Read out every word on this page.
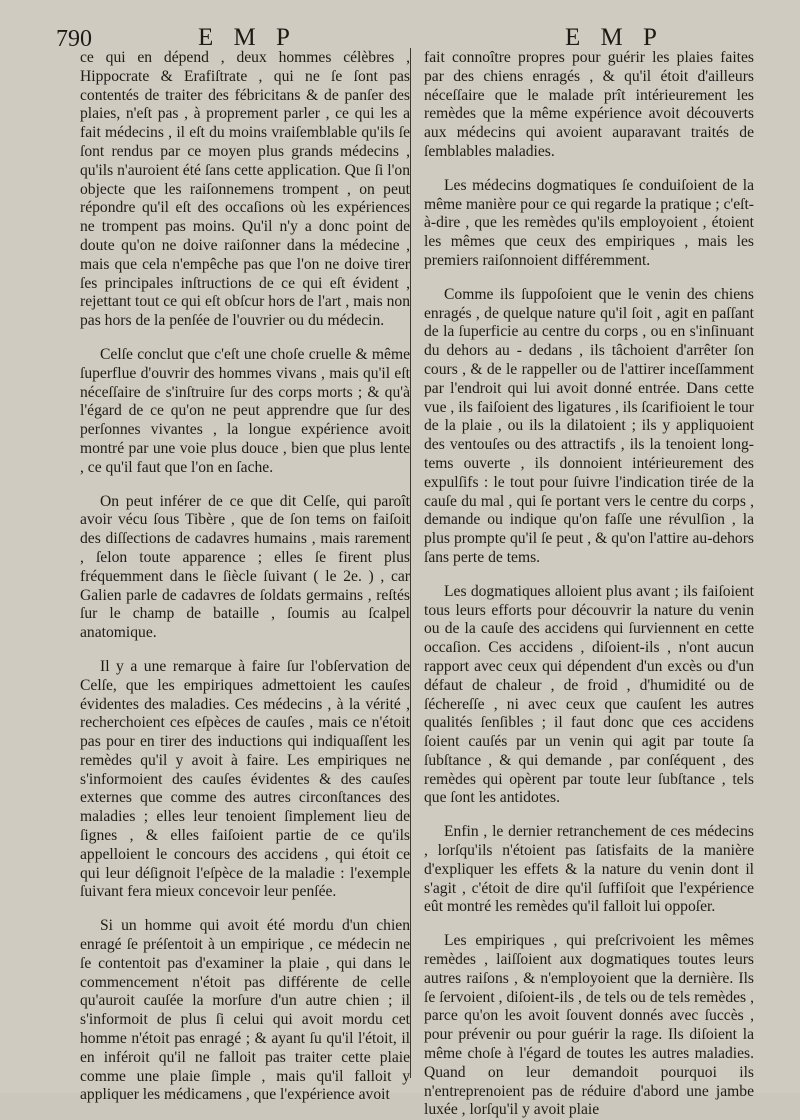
790	E M P	E M P

ce qui en dépend , deux hommes célèbres , Hippocrate & Erafiſtrate , qui ne ſe ſont pas contentés de traiter des fébricitans & de panſer des plaies, n'eſt pas , à proprement parler , ce qui les a fait médecins , il eſt du moins vraiſemblable qu'ils ſe ſont rendus par ce moyen plus grands médecins , qu'ils n'auroient été ſans cette application. Que ſi l'on objecte que les raiſonnemens trompent , on peut répondre qu'il eſt des occaſions où les expériences ne trompent pas moins. Qu'il n'y a donc point de doute qu'on ne doive raiſonner dans la médecine , mais que cela n'empêche pas que l'on ne doive tirer ſes principales inſtructions de ce qui eſt évident , rejettant tout ce qui eſt obſcur hors de l'art , mais non pas hors de la penſée de l'ouvrier ou du médecin.

Celſe conclut que c'eſt une choſe cruelle & même ſuperflue d'ouvrir des hommes vivans , mais qu'il eſt néceſſaire de s'inſtruire ſur des corps morts ; & qu'à l'égard de ce qu'on ne peut apprendre que ſur des perſonnes vivantes , la longue expérience avoit montré par une voie plus douce , bien que plus lente , ce qu'il faut que l'on en ſache.

On peut inférer de ce que dit Celſe, qui paroît avoir vécu ſous Tibère , que de ſon tems on faiſoit des diſſections de cadavres humains , mais rarement , ſelon toute apparence ; elles ſe firent plus fréquemment dans le ſiècle ſuivant ( le 2e. ) , car Galien parle de cadavres de ſoldats germains , reſtés ſur le champ de bataille , ſoumis au ſcalpel anatomique.

Il y a une remarque à faire ſur l'obſervation de Celſe, que les empiriques admettoient les cauſes évidentes des maladies. Ces médecins , à la vérité , recherchoient ces eſpèces de cauſes , mais ce n'étoit pas pour en tirer des inductions qui indiquaſſent les remèdes qu'il y avoit à faire. Les empiriques ne s'informoient des cauſes évidentes & des cauſes externes que comme des autres circonſtances des maladies ; elles leur tenoient ſimplement lieu de ſignes , & elles faiſoient partie de ce qu'ils appelloient le concours des accidens , qui étoit ce qui leur déſignoit l'eſpèce de la maladie : l'exemple ſuivant fera mieux concevoir leur penſée.

Si un homme qui avoit été mordu d'un chien enragé ſe préſentoit à un empirique , ce médecin ne ſe contentoit pas d'examiner la plaie , qui dans le commencement n'étoit pas différente de celle qu'auroit cauſée la morſure d'un autre chien ; il s'informoit de plus ſi celui qui avoit mordu cet homme n'étoit pas enragé ; & ayant ſu qu'il l'étoit, il en inféroit qu'il ne falloit pas traiter cette plaie comme une plaie ſimple , mais qu'il falloit y appliquer les médicamens , que l'expérience avoit

fait connoître propres pour guérir les plaies faites par des chiens enragés , & qu'il étoit d'ailleurs néceſſaire que le malade prît intérieurement les remèdes que la même expérience avoit découverts aux médecins qui avoient auparavant traités de ſemblables maladies.

Les médecins dogmatiques ſe conduiſoient de la même manière pour ce qui regarde la pratique ; c'eſt-à-dire , que les remèdes qu'ils employoient , étoient les mêmes que ceux des empiriques , mais les premiers raiſonnoient différemment.

Comme ils ſuppoſoient que le venin des chiens enragés , de quelque nature qu'il ſoit , agit en paſſant de la ſuperficie au centre du corps , ou en s'inſinuant du dehors au - dedans , ils tâchoient d'arrêter ſon cours , & de le rappeller ou de l'attirer inceſſamment par l'endroit qui lui avoit donné entrée. Dans cette vue , ils faiſoient des ligatures , ils ſcarifioient le tour de la plaie , ou ils la dilatoient ; ils y appliquoient des ventouſes ou des attractifs , ils la tenoient long-tems ouverte , ils donnoient intérieurement des expulſifs : le tout pour ſuivre l'indication tirée de la cauſe du mal , qui ſe portant vers le centre du corps , demande ou indique qu'on faſſe une révulſion , la plus prompte qu'il ſe peut , & qu'on l'attire au-dehors ſans perte de tems.

Les dogmatiques alloient plus avant ; ils faiſoient tous leurs efforts pour découvrir la nature du venin ou de la cauſe des accidens qui ſurviennent en cette occaſion. Ces accidens , diſoient-ils , n'ont aucun rapport avec ceux qui dépendent d'un excès ou d'un défaut de chaleur , de froid , d'humidité ou de ſéchereſſe , ni avec ceux que cauſent les autres qualités ſenſibles ; il faut donc que ces accidens ſoient cauſés par un venin qui agit par toute ſa ſubſtance , & qui demande , par conſéquent , des remèdes qui opèrent par toute leur ſubſtance , tels que ſont les antidotes.

Enfin , le dernier retranchement de ces médecins , lorſqu'ils n'étoient pas ſatisfaits de la manière d'expliquer les effets & la nature du venin dont il s'agit , c'étoit de dire qu'il ſuffiſoit que l'expérience eût montré les remèdes qu'il falloit lui oppoſer.

Les empiriques , qui preſcrivoient les mêmes remèdes , laiſſoient aux dogmatiques toutes leurs autres raiſons , & n'employoient que la dernière. Ils ſe ſervoient , diſoient-ils , de tels ou de tels remèdes , parce qu'on les avoit ſouvent donnés avec ſuccès , pour prévenir ou pour guérir la rage. Ils diſoient la même choſe à l'égard de toutes les autres maladies. Quand on leur demandoit pourquoi ils n'entreprenoient pas de réduire d'abord une jambe luxée , lorſqu'il y avoit plaie
